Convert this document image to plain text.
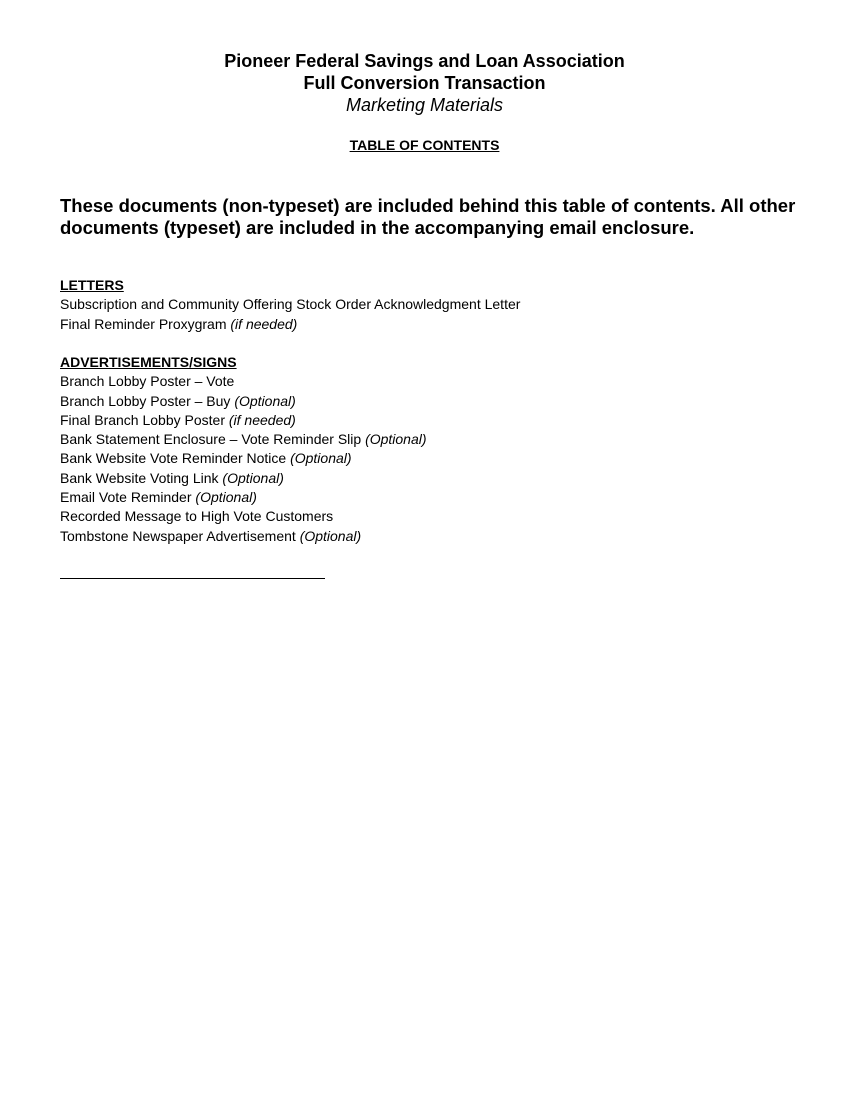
Pioneer Federal Savings and Loan Association
Full Conversion Transaction
Marketing Materials
TABLE OF CONTENTS
These documents (non-typeset) are included behind this table of contents. All other documents (typeset) are included in the accompanying email enclosure.
LETTERS
Subscription and Community Offering Stock Order Acknowledgment Letter
Final Reminder Proxygram (if needed)
ADVERTISEMENTS/SIGNS
Branch Lobby Poster – Vote
Branch Lobby Poster – Buy (Optional)
Final Branch Lobby Poster (if needed)
Bank Statement Enclosure – Vote Reminder Slip (Optional)
Bank Website Vote Reminder Notice (Optional)
Bank Website Voting Link (Optional)
Email Vote Reminder (Optional)
Recorded Message to High Vote Customers
Tombstone Newspaper Advertisement (Optional)
